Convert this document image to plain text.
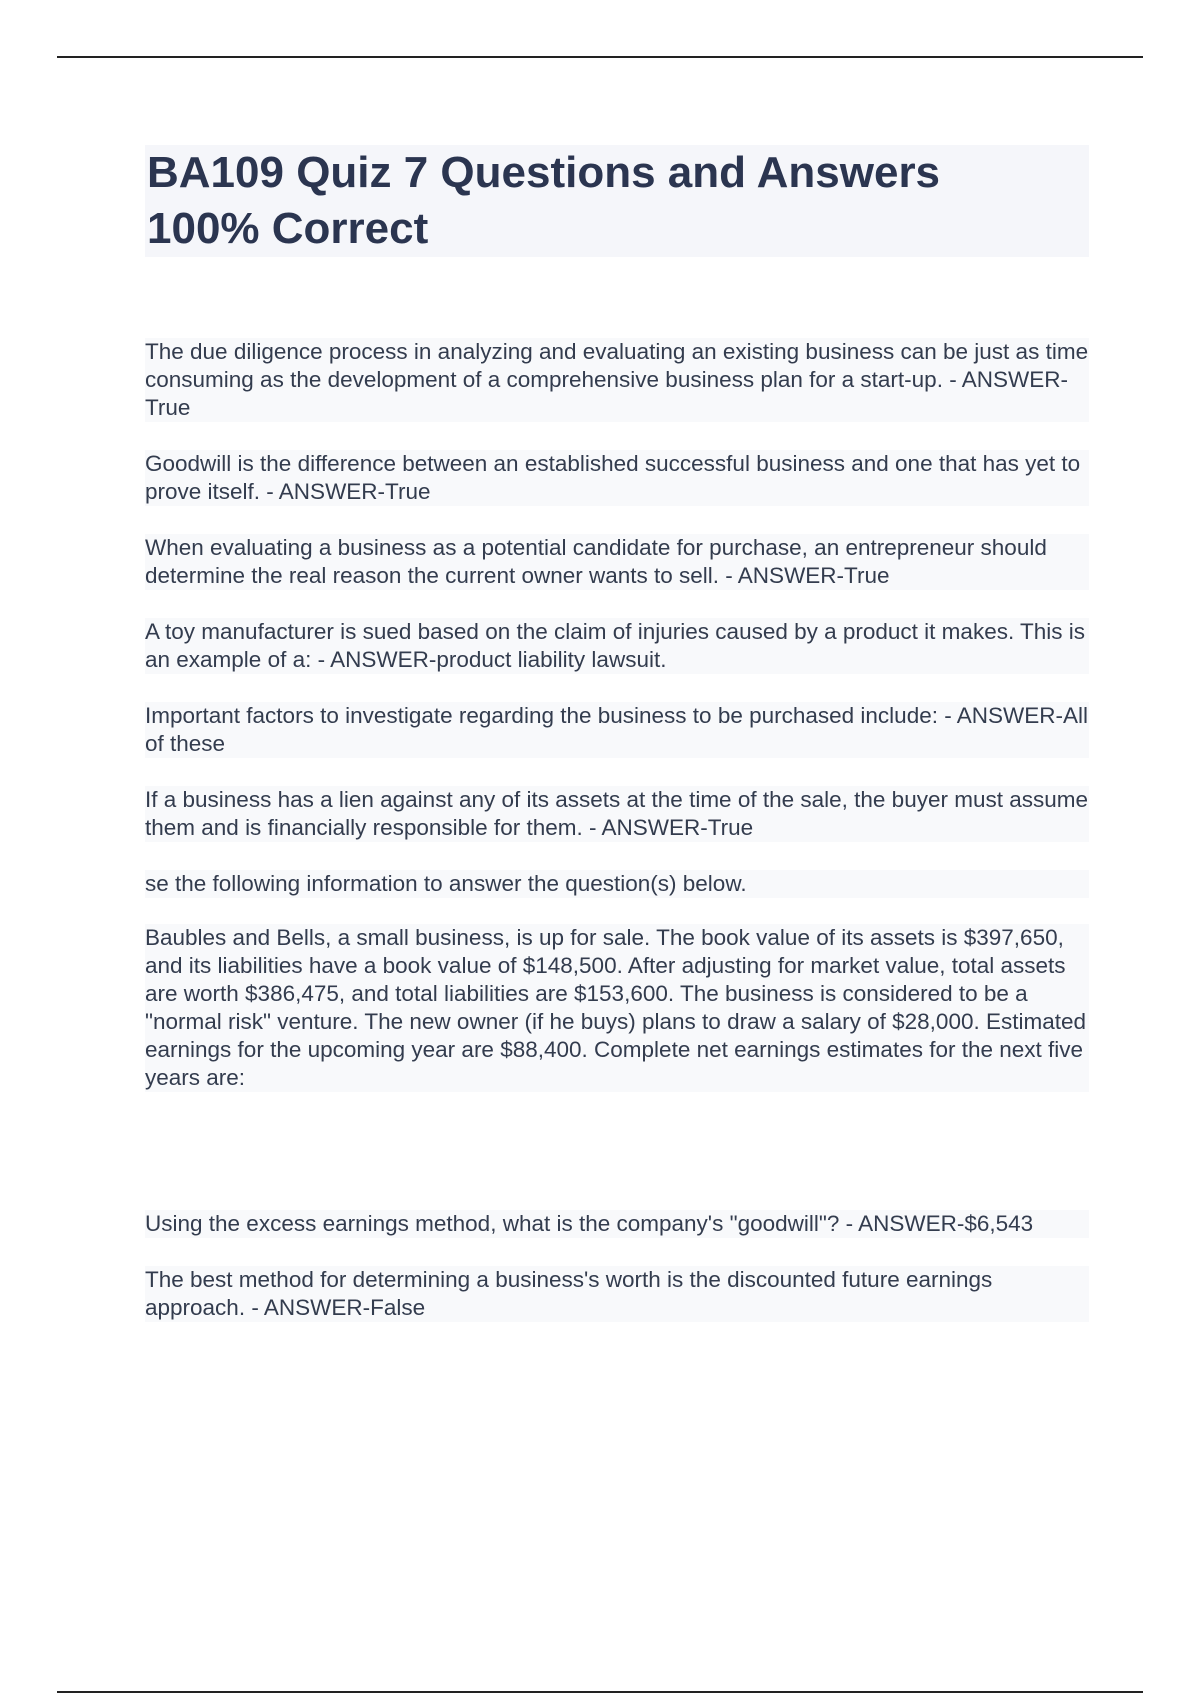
BA109 Quiz 7 Questions and Answers
100% Correct

The due diligence process in analyzing and evaluating an existing business can be just as time consuming as the development of a comprehensive business plan for a start-up. - ANSWER-True

Goodwill is the difference between an established successful business and one that has yet to prove itself. - ANSWER-True

When evaluating a business as a potential candidate for purchase, an entrepreneur should determine the real reason the current owner wants to sell. - ANSWER-True

A toy manufacturer is sued based on the claim of injuries caused by a product it makes. This is an example of a: - ANSWER-product liability lawsuit.

Important factors to investigate regarding the business to be purchased include: - ANSWER-All of these

If a business has a lien against any of its assets at the time of the sale, the buyer must assume them and is financially responsible for them. - ANSWER-True

se the following information to answer the question(s) below.

Baubles and Bells, a small business, is up for sale. The book value of its assets is $397,650, and its liabilities have a book value of $148,500. After adjusting for market value, total assets are worth $386,475, and total liabilities are $153,600. The business is considered to be a "normal risk" venture. The new owner (if he buys) plans to draw a salary of $28,000. Estimated earnings for the upcoming year are $88,400. Complete net earnings estimates for the next five years are:

Using the excess earnings method, what is the company's "goodwill"? - ANSWER-$6,543

The best method for determining a business's worth is the discounted future earnings approach. - ANSWER-False
